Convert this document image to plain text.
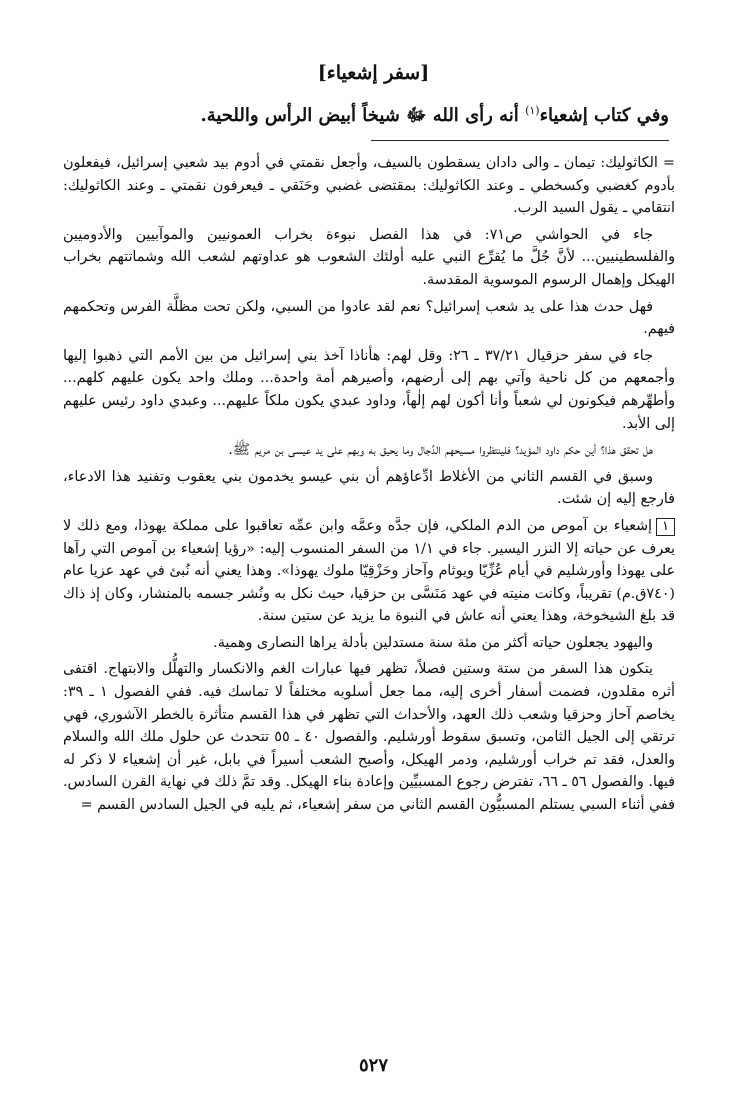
[سفر إشعياء]
وفي كتاب إشعياء$^{(١)}$ أنه رأى الله ﷻ شيخاً أبيض الرأس واللحية.

= الكاثوليك: تيمان ـ والى دادان يسقطون بالسيف، وأجعل نقمتي في أدوم بيد شعبي إسرائيل، فيفعلون بأدوم كغضبي وكسخطي ـ وعند الكاثوليك: بمقتضى غضبي وحَنَقي ـ فيعرفون نقمتي ـ وعند الكاثوليك: انتقامي ـ يقول السيد الرب.

جاء في الحواشي ص٧١: في هذا الفصل نبوءة بخراب العمونيين والموآبيين والأدوميين والفلسطينيين... لأنَّ جُلَّ ما يُقرِّع النبي عليه أولئك الشعوب هو عداوتهم لشعب الله وشماتتهم بخراب الهيكل وإهمال الرسوم الموسوية المقدسة.

فهل حدث هذا على يد شعب إسرائيل؟ نعم لقد عادوا من السبي، ولكن تحت مظلَّة الفرس وتحكمهم فيهم.

جاء في سفر حزقيال ٣٧/٢١ ـ ٢٦: وقل لهم: هأناذا آخذ بني إسرائيل من بين الأمم التي ذهبوا إليها وأجمعهم من كل ناحية وآتي بهم إلى أرضهم، وأصيرهم أمة واحدة... وملك واحد يكون عليهم كلهم... وأطهِّرهم فيكونون لي شعباً وأنا أكون لهم إلٰهاً، وداود عبدي يكون ملكاً عليهم... وعبدي داود رئيس عليهم إلى الأبد.

هل تحقق هذا؟ أين حكم داود المؤيد؟ فلينتظروا مسيحهم الدَّجال وما يحيق به وبهم على يد عيسى بن مريم ﷺ.

وسبق في القسم الثاني من الأغلاط ادِّعاؤهم أن بني عيسو يخدمون بني يعقوب وتفنيد هذا الادعاء، فارجع إليه إن شئت.

١إشعياء بن آموص من الدم الملكي، فإن جدَّه وعمَّه وابن عمِّه تعاقبوا على مملكة يهوذا، ومع ذلك لا يعرف عن حياته إلا النزر اليسير. جاء في ١/١ من السفر المنسوب إليه: «رؤيا إشعياء بن آموص التي رآها على يهوذا وأورشليم في أيام عُزِّيّا ويوثام وآحاز وحَزْقِيّا ملوك يهوذا». وهذا يعني أنه نُبئ في عهد عزيا عام (٧٤٠ق.م) تقريباً، وكانت منيته في عهد مَنَسَّى بن حزقيا، حيث نكل به ونُشر جسمه بالمنشار، وكان إذ ذاك قد بلغ الشيخوخة، وهذا يعني أنه عاش في النبوة ما يزيد عن ستين سنة.

واليهود يجعلون حياته أكثر من مئة سنة مستدلين بأدلة يراها النصارى وهمية.

يتكون هذا السفر من ستة وستين فصلاً، تظهر فيها عبارات الغم والانكسار والتهلُّل والابتهاج. اقتفى أثره مقلدون، فضمت أسفار أخرى إليه، مما جعل أسلوبه مختلفاً لا تماسك فيه. ففي الفصول ١ ـ ٣٩: يخاصم آحاز وحزقيا وشعب ذلك العهد، والأحداث التي تظهر في هذا القسم متأثرة بالخطر الآشوري، فهي ترتقي إلى الجيل الثامن، وتسبق سقوط أورشليم. والفصول ٤٠ ـ ٥٥ تتحدث عن حلول ملك الله والسلام والعدل، فقد تم خراب أورشليم، ودمر الهيكل، وأصبح الشعب أسيراً في بابل، غير أن إشعياء لا ذكر له فيها. والفصول ٥٦ ـ ٦٦، تفترض رجوع المسبيِّين وإعادة بناء الهيكل. وقد تمَّ ذلك في نهاية القرن السادس. ففي أثناء السبي يستلم المسبيُّون القسم الثاني من سفر إشعياء، ثم يليه في الجيل السادس القسم =

٥٢٧
